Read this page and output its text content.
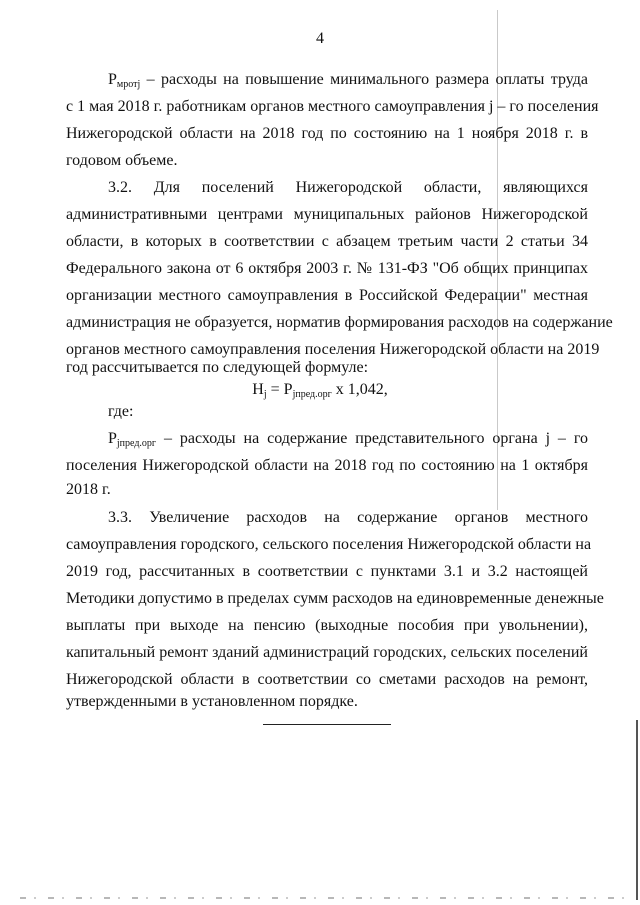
4
$P_{мротj}$ – расходы на повышение минимального размера оплаты труда
с 1 мая 2018 г. работникам органов местного самоуправления j – го поселения
Нижегородской области на 2018 год по состоянию на 1 ноября 2018 г. в
годовом объеме.
3.2. Для поселений Нижегородской области, являющихся
административными центрами муниципальных районов Нижегородской
области, в которых в соответствии с абзацем третьим части 2 статьи 34
Федерального закона от 6 октября 2003 г. № 131-ФЗ "Об общих принципах
организации местного самоуправления в Российской Федерации" местная
администрация не образуется, норматив формирования расходов на содержание
органов местного самоуправления поселения Нижегородской области на 2019
год рассчитывается по следующей формуле:
$H_j = P_{jпред.орг}$ x 1,042,
где:
$P_{jпред.орг}$ – расходы на содержание представительного органа j – го
поселения Нижегородской области на 2018 год по состоянию на 1 октября
2018 г.
3.3. Увеличение расходов на содержание органов местного
самоуправления городского, сельского поселения Нижегородской области на
2019 год, рассчитанных в соответствии с пунктами 3.1 и 3.2 настоящей
Методики допустимо в пределах сумм расходов на единовременные денежные
выплаты при выходе на пенсию (выходные пособия при увольнении),
капитальный ремонт зданий администраций городских, сельских поселений
Нижегородской области в соответствии со сметами расходов на ремонт,
утвержденными в установленном порядке.
